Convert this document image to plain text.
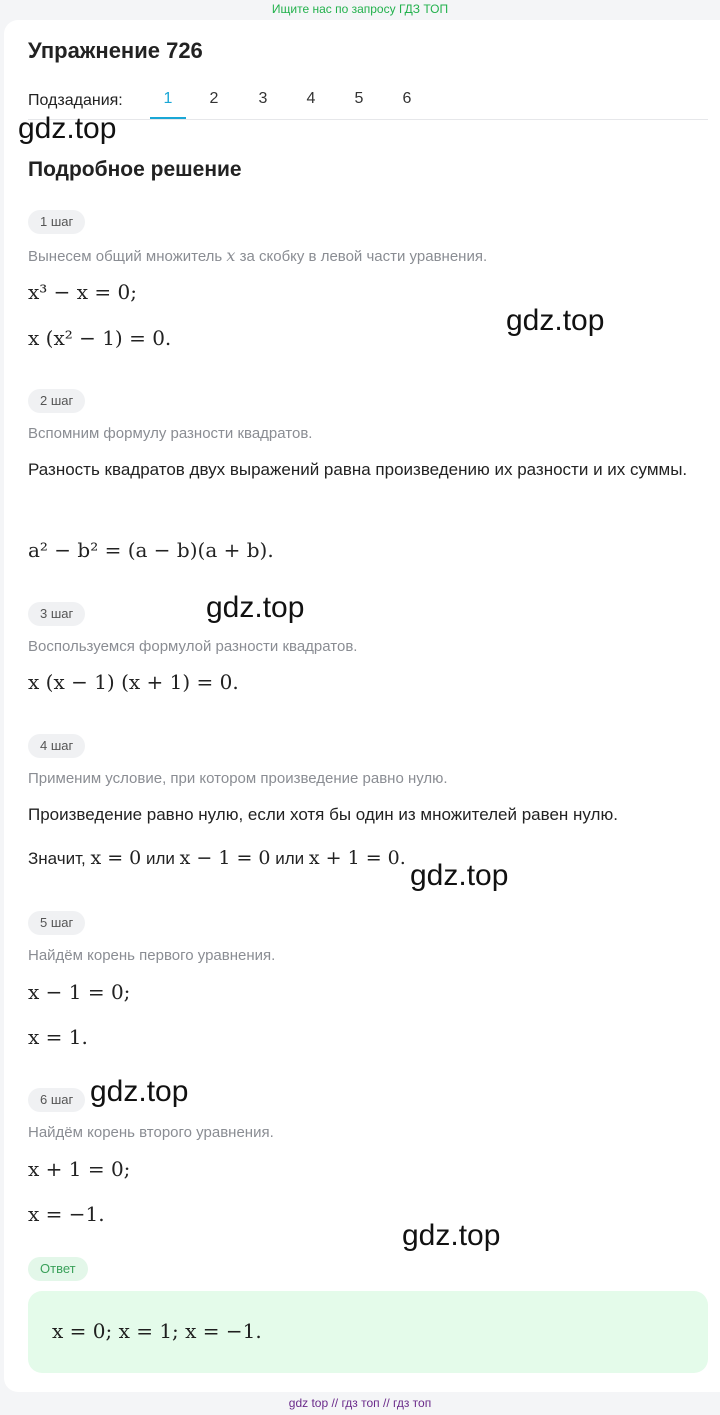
Ищите нас по запросу ГДЗ ТОП
Упражнение 726
Подзадания:	1	2	3	4	5	6
Подробное решение
1 шаг
Вынесем общий множитель x за скобку в левой части уравнения.
x³ − x = 0;
x (x² − 1) = 0.
2 шаг
Вспомним формулу разности квадратов.
Разность квадратов двух выражений равна произведению их разности и их суммы.
a² − b² = (a − b)(a + b).
3 шаг
Воспользуемся формулой разности квадратов.
x (x − 1) (x + 1) = 0.
4 шаг
Применим условие, при котором произведение равно нулю.
Произведение равно нулю, если хотя бы один из множителей равен нулю.
Значит, x = 0 или x − 1 = 0 или x + 1 = 0.
5 шаг
Найдём корень первого уравнения.
x − 1 = 0;
x = 1.
6 шаг
Найдём корень второго уравнения.
x + 1 = 0;
x = −1.
Ответ
x = 0; x = 1; x = −1.
gdz.top
gdz.top
gdz.top
gdz.top
gdz.top
gdz.top
gdz top // гдз топ // гдз топ
